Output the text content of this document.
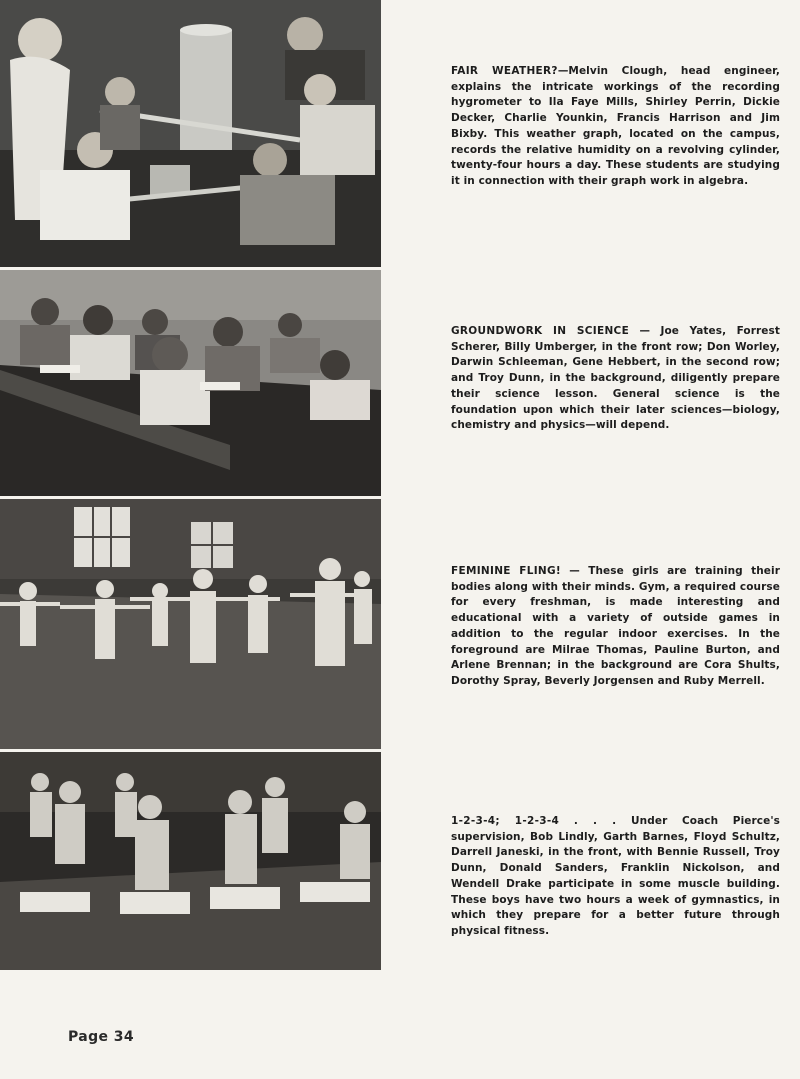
FAIR WEATHER?—Melvin Clough, head engineer, explains the intricate workings of the recording hygrometer to Ila Faye Mills, Shirley Perrin, Dickie Decker, Charlie Younkin, Francis Harrison and Jim Bixby. This weather graph, located on the campus, records the relative humidity on a revolving cylinder, twenty-four hours a day. These students are studying it in connection with their graph work in algebra.
GROUNDWORK IN SCIENCE — Joe Yates, Forrest Scherer, Billy Umberger, in the front row; Don Worley, Darwin Schleeman, Gene Hebbert, in the second row; and Troy Dunn, in the background, diligently prepare their science lesson. General science is the foundation upon which their later sciences—biology, chemistry and physics—will depend.
FEMININE FLING! — These girls are training their bodies along with their minds. Gym, a required course for every freshman, is made interesting and educational with a variety of outside games in addition to the regular indoor exercises. In the foreground are Milrae Thomas, Pauline Burton, and Arlene Brennan; in the background are Cora Shults, Dorothy Spray, Beverly Jorgensen and Ruby Merrell.
1-2-3-4; 1-2-3-4 . . . Under Coach Pierce's supervision, Bob Lindly, Garth Barnes, Floyd Schultz, Darrell Janeski, in the front, with Bennie Russell, Troy Dunn, Donald Sanders, Franklin Nickolson, and Wendell Drake participate in some muscle building. These boys have two hours a week of gymnastics, in which they prepare for a better future through physical fitness.
Page 34
